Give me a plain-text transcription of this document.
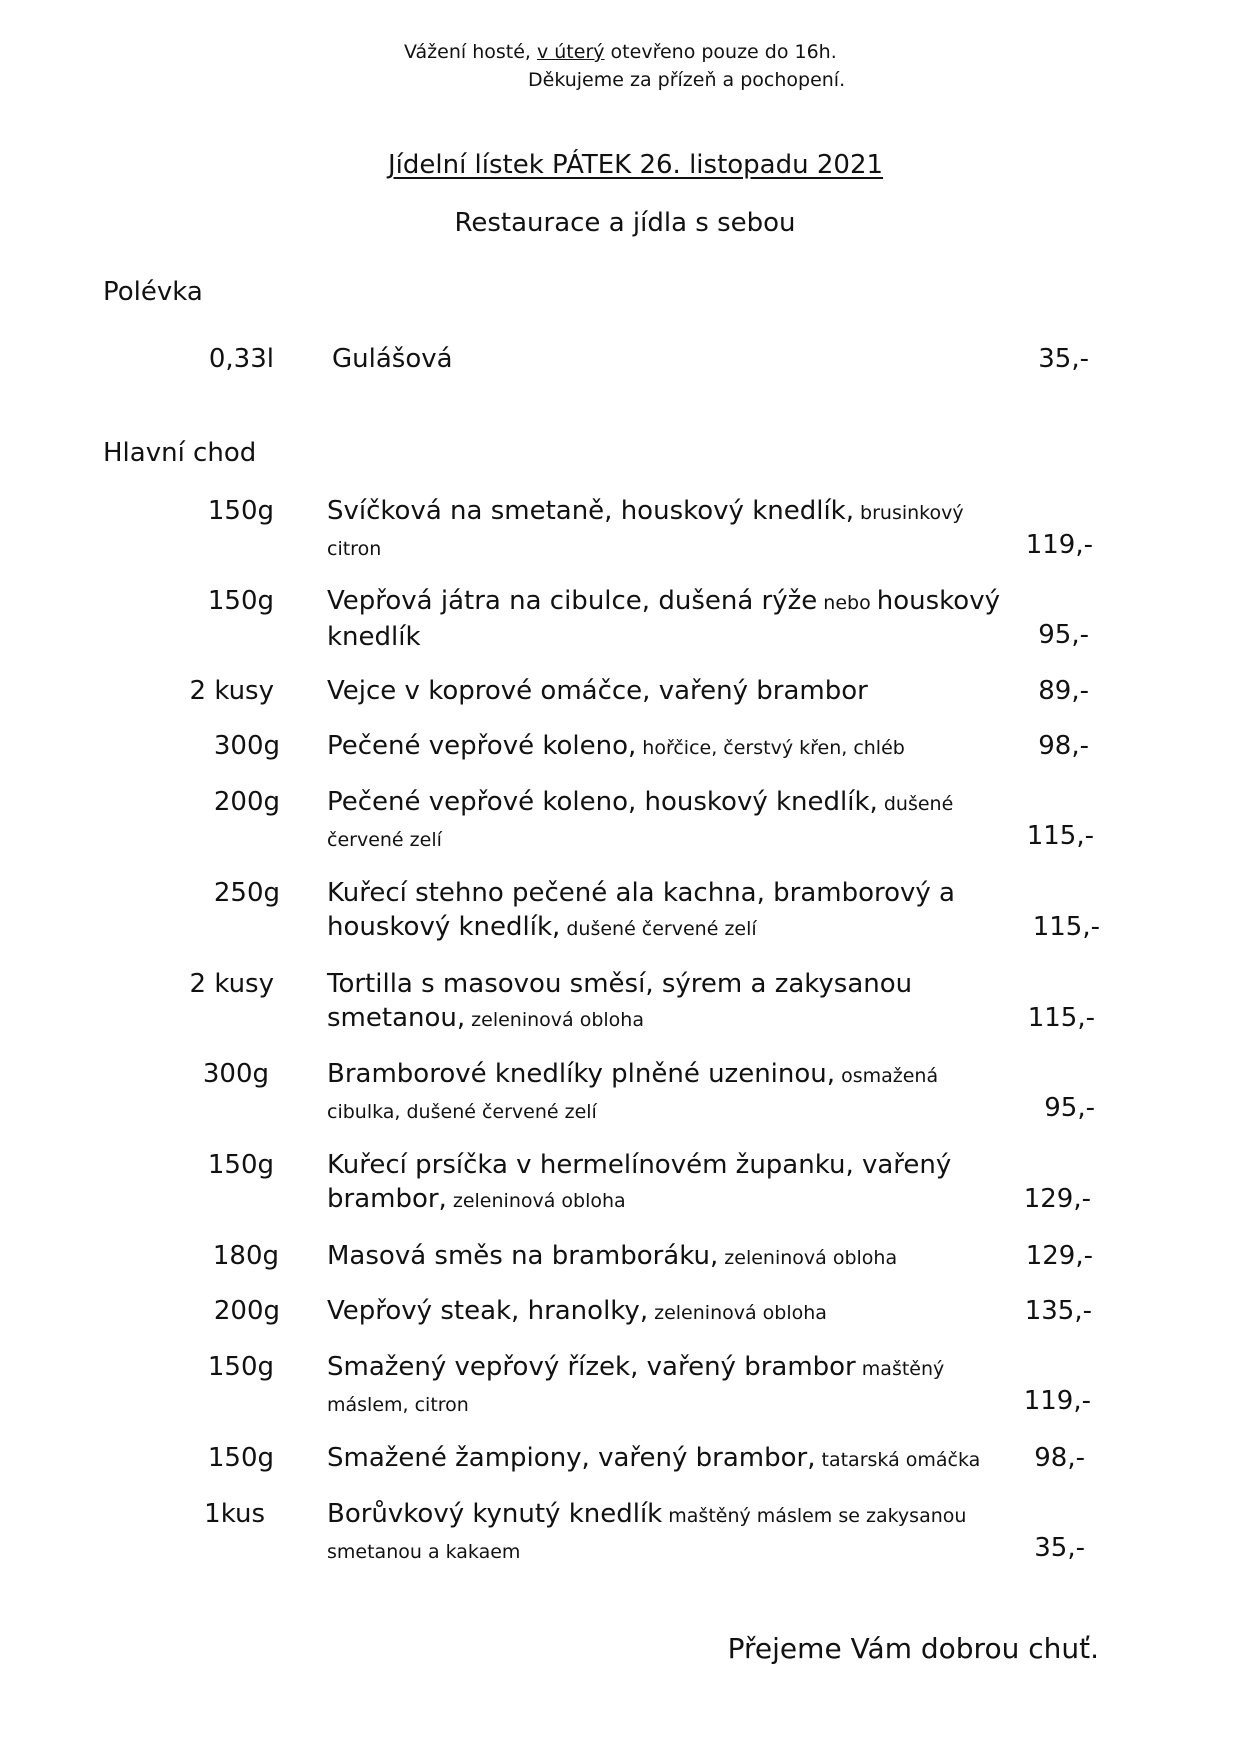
Vážení hosté, v úterý otevřeno pouze do 16h.
Děkujeme za přízeň a pochopení.
Jídelní lístek PÁTEK 26. listopadu 2021
Restaurace a jídla s sebou
Polévka
0,33l Gulášová	35,-
Hlavní chod
150g Svíčková na smetaně, houskový knedlík, brusinkový citron	119,-
150g Vepřová játra na cibulce, dušená rýže nebo houskový knedlík	95,-
2 kusy Vejce v koprové omáčce, vařený brambor	89,-
300g Pečené vepřové koleno, hořčice, čerstvý křen, chléb	98,-
200g Pečené vepřové koleno, houskový knedlík, dušené červené zelí	115,-
250g Kuřecí stehno pečené ala kachna, bramborový a houskový knedlík, dušené červené zelí	115,-
2 kusy Tortilla s masovou směsí, sýrem a zakysanou smetanou, zeleninová obloha	115,-
300g Bramborové knedlíky plněné uzeninou, osmažená cibulka, dušené červené zelí	95,-
150g Kuřecí prsíčka v hermelínovém županku, vařený brambor, zeleninová obloha	129,-
180g Masová směs na bramboráku, zeleninová obloha	129,-
200g Vepřový steak, hranolky, zeleninová obloha	135,-
150g Smažený vepřový řízek, vařený brambor maštěný máslem, citron	119,-
150g Smažené žampiony, vařený brambor, tatarská omáčka	98,-
1kus Borůvkový kynutý knedlík maštěný máslem se zakysanou smetanou a kakaem	35,-
Přejeme Vám dobrou chuť.
